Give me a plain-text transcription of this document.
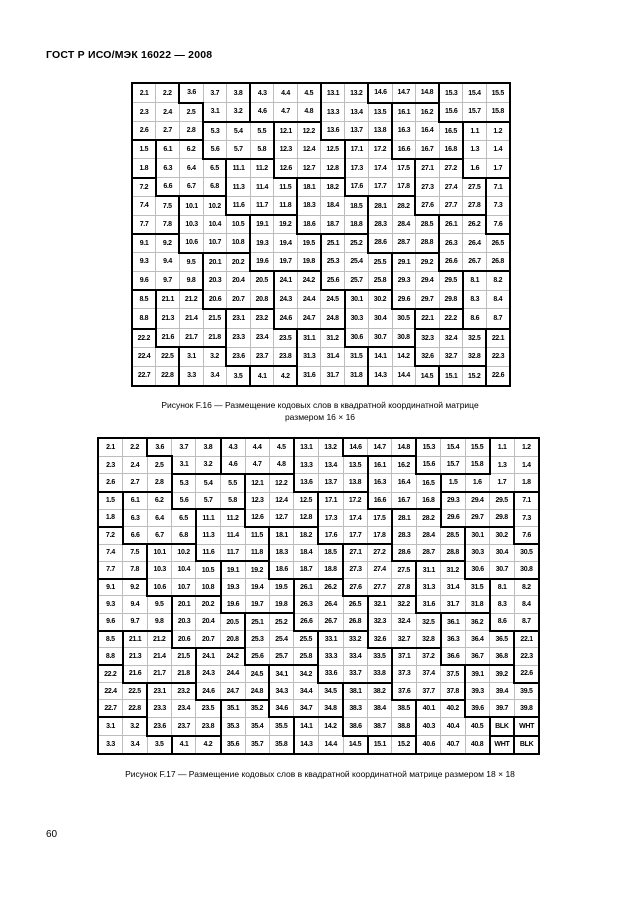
ГОСТ Р ИСО/МЭК 16022 — 2008
2.1	2.2	3.6	3.7	3.8	4.3	4.4	4.5	13.1	13.2	14.6	14.7	14.8	15.3	15.4	15.5
2.3	2.4	2.5	3.1	3.2	4.6	4.7	4.8	13.3	13.4	13.5	16.1	16.2	15.6	15.7	15.8
2.6	2.7	2.8	5.3	5.4	5.5	12.1	12.2	13.6	13.7	13.8	16.3	16.4	16.5	1.1	1.2
1.5	6.1	6.2	5.6	5.7	5.8	12.3	12.4	12.5	17.1	17.2	16.6	16.7	16.8	1.3	1.4
1.8	6.3	6.4	6.5	11.1	11.2	12.6	12.7	12.8	17.3	17.4	17.5	27.1	27.2	1.6	1.7
7.2	6.6	6.7	6.8	11.3	11.4	11.5	18.1	18.2	17.6	17.7	17.8	27.3	27.4	27.5	7.1
7.4	7.5	10.1	10.2	11.6	11.7	11.8	18.3	18.4	18.5	28.1	28.2	27.6	27.7	27.8	7.3
7.7	7.8	10.3	10.4	10.5	19.1	19.2	18.6	18.7	18.8	28.3	28.4	28.5	26.1	26.2	7.6
9.1	9.2	10.6	10.7	10.8	19.3	19.4	19.5	25.1	25.2	28.6	28.7	28.8	26.3	26.4	26.5
9.3	9.4	9.5	20.1	20.2	19.6	19.7	19.8	25.3	25.4	25.5	29.1	29.2	26.6	26.7	26.8
9.6	9.7	9.8	20.3	20.4	20.5	24.1	24.2	25.6	25.7	25.8	29.3	29.4	29.5	8.1	8.2
8.5	21.1	21.2	20.6	20.7	20.8	24.3	24.4	24.5	30.1	30.2	29.6	29.7	29.8	8.3	8.4
8.8	21.3	21.4	21.5	23.1	23.2	24.6	24.7	24.8	30.3	30.4	30.5	22.1	22.2	8.6	8.7
22.2	21.6	21.7	21.8	23.3	23.4	23.5	31.1	31.2	30.6	30.7	30.8	32.3	32.4	32.5	22.1
22.4	22.5	3.1	3.2	23.6	23.7	23.8	31.3	31.4	31.5	14.1	14.2	32.6	32.7	32.8	22.3
22.7	22.8	3.3	3.4	3.5	4.1	4.2	31.6	31.7	31.8	14.3	14.4	14.5	15.1	15.2	22.6
Рисунок F.16 — Размещение кодовых слов в квадратной координатной матрице
размером 16 × 16
2.1	2.2	3.6	3.7	3.8	4.3	4.4	4.5	13.1	13.2	14.6	14.7	14.8	15.3	15.4	15.5	1.1	1.2
2.3	2.4	2.5	3.1	3.2	4.6	4.7	4.8	13.3	13.4	13.5	16.1	16.2	15.6	15.7	15.8	1.3	1.4
2.6	2.7	2.8	5.3	5.4	5.5	12.1	12.2	13.6	13.7	13.8	16.3	16.4	16.5	1.5	1.6	1.7	1.8
1.5	6.1	6.2	5.6	5.7	5.8	12.3	12.4	12.5	17.1	17.2	16.6	16.7	16.8	29.3	29.4	29.5	7.1
1.8	6.3	6.4	6.5	11.1	11.2	12.6	12.7	12.8	17.3	17.4	17.5	28.1	28.2	29.6	29.7	29.8	7.3
7.2	6.6	6.7	6.8	11.3	11.4	11.5	18.1	18.2	17.6	17.7	17.8	28.3	28.4	28.5	30.1	30.2	7.6
7.4	7.5	10.1	10.2	11.6	11.7	11.8	18.3	18.4	18.5	27.1	27.2	28.6	28.7	28.8	30.3	30.4	30.5
7.7	7.8	10.3	10.4	10.5	19.1	19.2	18.6	18.7	18.8	27.3	27.4	27.5	31.1	31.2	30.6	30.7	30.8
9.1	9.2	10.6	10.7	10.8	19.3	19.4	19.5	26.1	26.2	27.6	27.7	27.8	31.3	31.4	31.5	8.1	8.2
9.3	9.4	9.5	20.1	20.2	19.6	19.7	19.8	26.3	26.4	26.5	32.1	32.2	31.6	31.7	31.8	8.3	8.4
9.6	9.7	9.8	20.3	20.4	20.5	25.1	25.2	26.6	26.7	26.8	32.3	32.4	32.5	36.1	36.2	8.6	8.7
8.5	21.1	21.2	20.6	20.7	20.8	25.3	25.4	25.5	33.1	33.2	32.6	32.7	32.8	36.3	36.4	36.5	22.1
8.8	21.3	21.4	21.5	24.1	24.2	25.6	25.7	25.8	33.3	33.4	33.5	37.1	37.2	36.6	36.7	36.8	22.3
22.2	21.6	21.7	21.8	24.3	24.4	24.5	34.1	34.2	33.6	33.7	33.8	37.3	37.4	37.5	39.1	39.2	22.6
22.4	22.5	23.1	23.2	24.6	24.7	24.8	34.3	34.4	34.5	38.1	38.2	37.6	37.7	37.8	39.3	39.4	39.5
22.7	22.8	23.3	23.4	23.5	35.1	35.2	34.6	34.7	34.8	38.3	38.4	38.5	40.1	40.2	39.6	39.7	39.8
3.1	3.2	23.6	23.7	23.8	35.3	35.4	35.5	14.1	14.2	38.6	38.7	38.8	40.3	40.4	40.5	BLK	WHT
3.3	3.4	3.5	4.1	4.2	35.6	35.7	35.8	14.3	14.4	14.5	15.1	15.2	40.6	40.7	40.8	WHT	BLK
Рисунок F.17 — Размещение кодовых слов в квадратной координатной матрице размером 18 × 18
60
